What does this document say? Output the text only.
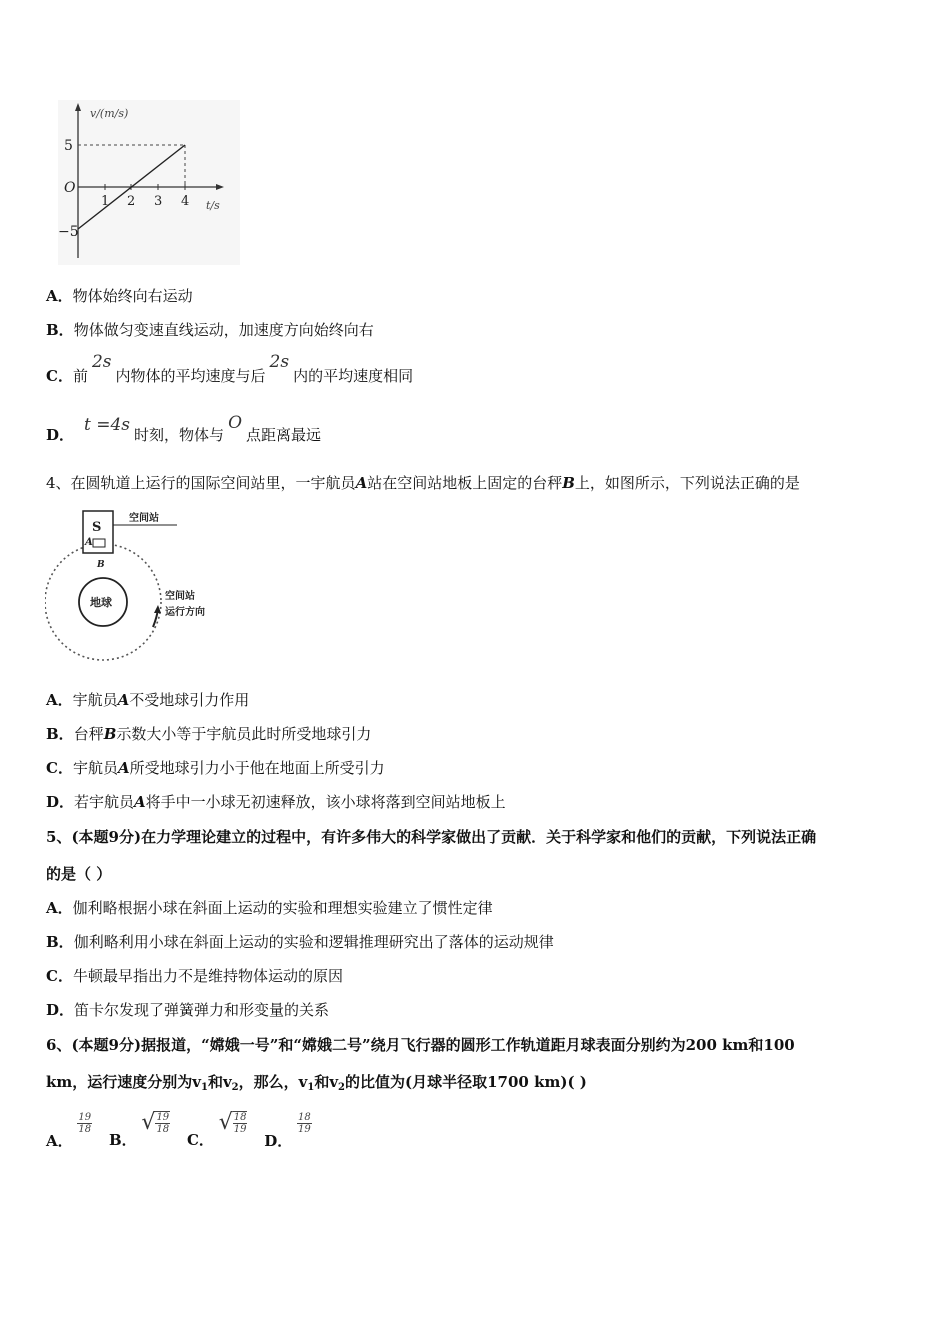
v/(m/s)
t/s
5
O
−5
1 2 3 4
A．物体始终向右运动
B．物体做匀变速直线运动，加速度方向始终向右
C．前2s内物体的平均速度与后2s内的平均速度相同
D． t =4s 时刻，物体与O点距离最远
4、在圆轨道上运行的国际空间站里，一宇航员A站在空间站地板上固定的台秤B上，如图所示，下列说法正确的是
地球
S
A
B
空间站
空间站
运行方向
A．宇航员A不受地球引力作用
B．台秤B示数大小等于宇航员此时所受地球引力
C．宇航员A所受地球引力小于他在地面上所受引力
D．若宇航员A将手中一小球无初速释放，该小球将落到空间站地板上
5、(本题9分)在力学理论建立的过程中，有许多伟大的科学家做出了贡献．关于科学家和他们的贡献，下列说法正确
的是（ ）
A．伽利略根据小球在斜面上运动的实验和理想实验建立了惯性定律
B．伽利略利用小球在斜面上运动的实验和逻辑推理研究出了落体的运动规律
C．牛顿最早指出力不是维持物体运动的原因
D．笛卡尔发现了弹簧弹力和形变量的关系
6、(本题9分)据报道，“嫦娥一号”和“嫦娥二号”绕月飞行器的圆形工作轨道距月球表面分别约为200 km和100
km，运行速度分别为$v_1$和$v_2$，那么，$v_1$和$v_2$的比值为(月球半径取1700 km)( )
A．
$\frac{19}{18}$
B． √ $\frac{19}{18}$
C． √ $\frac{18}{19}$
D．
$\frac{18}{19}$
